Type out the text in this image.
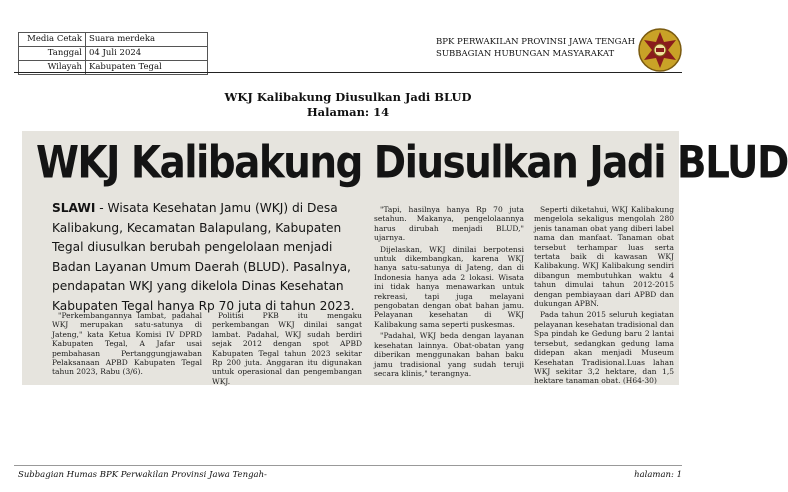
Media Cetak	Suara merdeka
Tanggal	04 Juli 2024
Wilayah	Kabupaten Tegal
BPK PERWAKILAN PROVINSI JAWA TENGAH
SUBBAGIAN HUBUNGAN MASYARAKAT
WKJ Kalibakung Diusulkan Jadi BLUD
Halaman: 14
WKJ Kalibakung Diusulkan Jadi BLUD
SLAWI - Wisata Kesehatan Jamu (WKJ) di Desa Kalibakung, Kecamatan Balapulang, Kabupaten Tegal diusulkan berubah pengelolaan menjadi Badan Layanan Umum Daerah (BLUD). Pasalnya, pendapatan WKJ yang dikelola Dinas Kesehatan Kabupaten Tegal hanya Rp 70 juta di tahun 2023.

"Perkembangannya lambat, padahal WKJ merupakan satu-satunya di Jateng," kata Ketua Komisi IV DPRD Kabupaten Tegal, A Jafar usai pembahasan Pertanggungjawaban Pelaksanaan APBD Kabupaten Tegal tahun 2023, Rabu (3/6).

Politisi PKB itu mengaku perkembangan WKJ dinilai sangat lambat. Padahal, WKJ sudah berdiri sejak 2012 dengan spot APBD Kabupaten Tegal tahun 2023 sekitar Rp 200 juta. Anggaran itu digunakan untuk operasional dan pengembangan WKJ.

"Tapi, hasilnya hanya Rp 70 juta setahun. Makanya, pengelolaannya harus dirubah menjadi BLUD," ujarnya.

Dijelaskan, WKJ dinilai berpotensi untuk dikembangkan, karena WKJ hanya satu-satunya di Jateng, dan di Indonesia hanya ada 2 lokasi. Wisata ini tidak hanya menawarkan untuk rekreasi, tapi juga melayani pengobatan dengan obat bahan jamu. Pelayanan kesehatan di WKJ Kalibakung sama seperti puskesmas.

"Padahal, WKJ beda dengan layanan kesehatan lainnya. Obat-obatan yang diberikan menggunakan bahan baku jamu tradisional yang sudah teruji secara klinis," terangnya.

Seperti diketahui, WKJ Kalibakung mengelola sekaligus mengolah 280 jenis tanaman obat yang diberi label nama dan manfaat. Tanaman obat tersebut terhampar luas serta tertata baik di kawasan WKJ Kalibakung. WKJ Kalibakung sendiri dibangun membutuhkan waktu 4 tahun dimulai tahun 2012-2015 dengan pembiayaan dari APBD dan dukungan APBN.

Pada tahun 2015 seluruh kegiatan pelayanan kesehatan tradisional dan Spa pindah ke Gedung baru 2 lantai tersebut, sedangkan gedung lama didepan akan menjadi Museum Kesehatan Tradisional.Luas lahan WKJ sekitar 3,2 hektare, dan 1,5 hektare tanaman obat. (H64-30)

Subbagian Humas BPK Perwakilan Provinsi Jawa Tengah-	halaman: 1
